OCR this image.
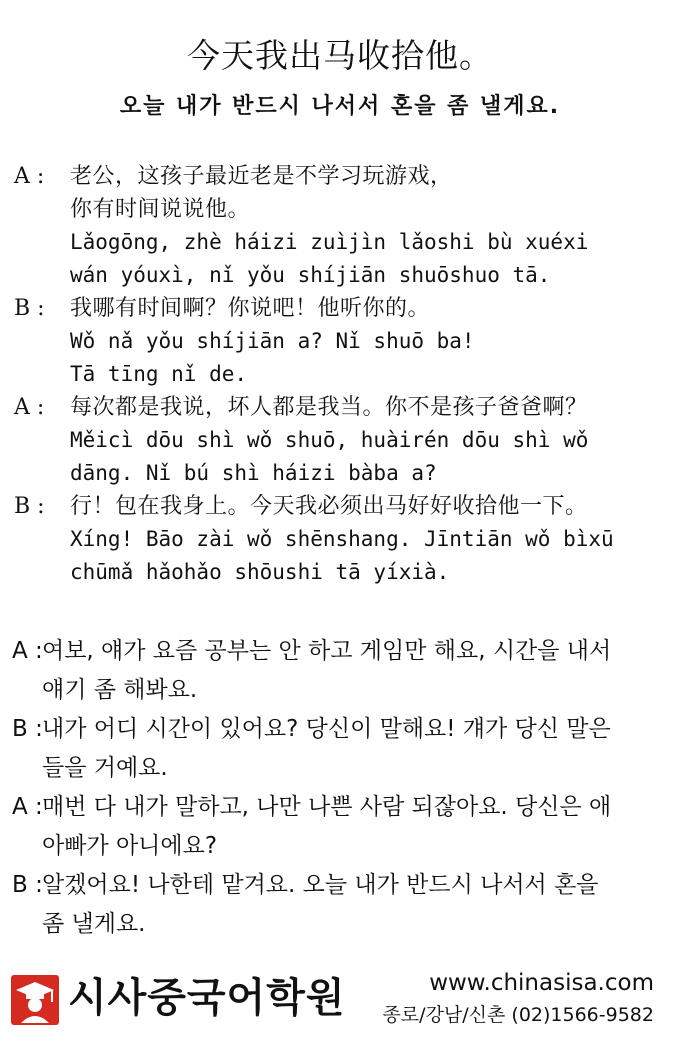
今天我出马收拾他。
오늘 내가 반드시 나서서 혼을 좀 낼게요.
A :	老公，这孩子最近老是不学习玩游戏，
你有时间说说他。
Lǎogōng, zhè háizi zuìjìn lǎoshi bù xuéxi
wán yóuxì, nǐ yǒu shíjiān shuōshuo tā.
B :	我哪有时间啊？你说吧！他听你的。
Wǒ nǎ yǒu shíjiān a? Nǐ shuō ba!
Tā tīng nǐ de.
A :	每次都是我说，坏人都是我当。你不是孩子爸爸啊？
Měicì dōu shì wǒ shuō, huàirén dōu shì wǒ
dāng. Nǐ bú shì háizi bàba a?
B :	行！包在我身上。今天我必须出马好好收拾他一下。
Xíng! Bāo zài wǒ shēnshang. Jīntiān wǒ bìxū
chūmǎ hǎohǎo shōushi tā yíxià.
A : 여보, 얘가 요즘 공부는 안 하고 게임만 해요, 시간을 내서
얘기 좀 해봐요.
B : 내가 어디 시간이 있어요? 당신이 말해요! 걔가 당신 말은
들을 거예요.
A : 매번 다 내가 말하고, 나만 나쁜 사람 되잖아요. 당신은 애
아빠가 아니에요?
B : 알겠어요! 나한테 맡겨요. 오늘 내가 반드시 나서서 혼을
좀 낼게요.
시사중국어학원	www.chinasisa.com
종로/강남/신촌 (02)1566-9582
